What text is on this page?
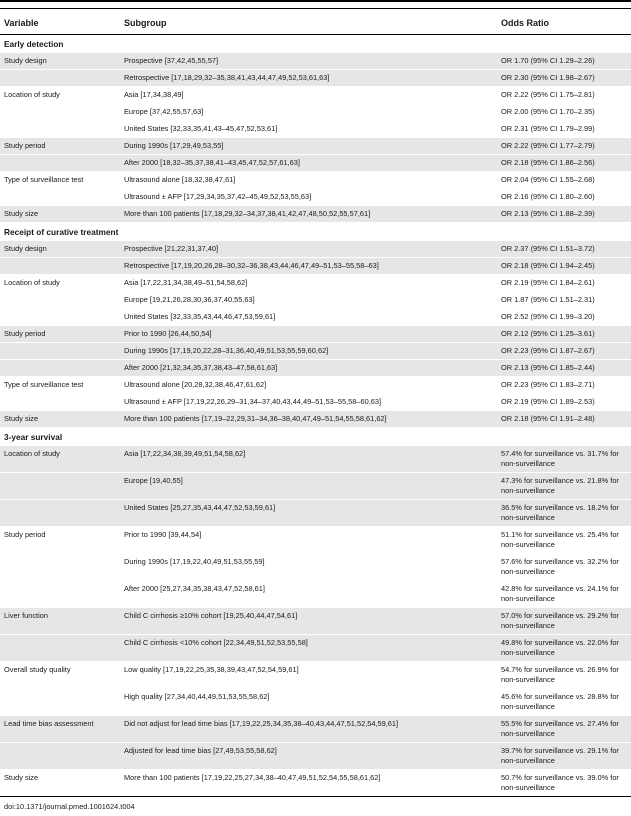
Variable	Subgroup	Odds Ratio
Early detection		
Study design	Prospective [37,42,45,55,57]	OR 1.70 (95% CI 1.29–2.26)
	Retrospective [17,18,29,32–35,38,41,43,44,47,49,52,53,61,63]	OR 2.30 (95% CI 1.98–2.67)
Location of study	Asia [17,34,38,49]	OR 2.22 (95% CI 1.75–2.81)
	Europe [37,42,55,57,63]	OR 2.00 (95% CI 1.70–2.35)
	United States [32,33,35,41,43–45,47,52,53,61]	OR 2.31 (95% CI 1.79–2.99)
Study period	During 1990s [17,29,49,53,55]	OR 2.22 (95% CI 1.77–2.79)
	After 2000 [18,32–35,37,38,41–43,45,47,52,57,61,63]	OR 2.18 (95% CI 1.86–2.56)
Type of surveillance test	Ultrasound alone [18,32,38,47,61]	OR 2.04 (95% CI 1.55–2.68)
	Ultrasound ± AFP [17,29,34,35,37,42–45,49,52,53,55,63]	OR 2.16 (95% CI 1.80–2.60)
Study size	More than 100 patients [17,18,29,32–34,37,38,41,42,47,48,50,52,55,57,61]	OR 2.13 (95% CI 1.88–2.39)
Receipt of curative treatment		
Study design	Prospective [21,22,31,37,40]	OR 2.37 (95% CI 1.51–3.72)
	Retrospective [17,19,20,26,28–30,32–36,38,43,44,46,47,49–51,53–55,58–63]	OR 2.18 (95% CI 1.94–2.45)
Location of study	Asia [17,22,31,34,38,49–51,54,58,62]	OR 2.19 (95% CI 1.84–2.61)
	Europe [19,21,26,28,30,36,37,40,55,63]	OR 1.87 (95% CI 1.51–2.31)
	United States [32,33,35,43,44,46,47,53,59,61]	OR 2.52 (95% CI 1.99–3.20)
Study period	Prior to 1990 [26,44,50,54]	OR 2.12 (95% CI 1.25–3.61)
	During 1990s [17,19,20,22,28–31,36,40,49,51,53,55,59,60,62]	OR 2.23 (95% CI 1.87–2.67)
	After 2000 [21,32,34,35,37,38,43–47,58,61,63]	OR 2.13 (95% CI 1.85–2.44)
Type of surveillance test	Ultrasound alone [20,28,32,38,46,47,61,62]	OR 2.23 (95% CI 1.83–2.71)
	Ultrasound ± AFP [17,19,22,26,29–31,34–37,40,43,44,49–51,53–55,58–60,63]	OR 2.19 (95% CI 1.89–2.53)
Study size	More than 100 patients [17,19–22,29,31–34,36–38,40,47,49–51,54,55,58,61,62]	OR 2.18 (95% CI 1.91–2.48)
3-year survival		
Location of study	Asia [17,22,34,38,39,49,51,54,58,62]	57.4% for surveillance vs. 31.7% for non-surveillance
	Europe [19,40,55]	47.3% for surveillance vs. 21.8% for non-surveillance
	United States [25,27,35,43,44,47,52,53,59,61]	36.5% for surveillance vs. 18.2% for non-surveillance
Study period	Prior to 1990 [39,44,54]	51.1% for surveillance vs. 25.4% for non-surveillance
	During 1990s [17,19,22,40,49,51,53,55,59]	57.6% for surveillance vs. 32.2% for non-surveillance
	After 2000 [25,27,34,35,38,43,47,52,58,61]	42.8% for surveillance vs. 24.1% for non-surveillance
Liver function	Child C cirrhosis ≥10% cohort [19,25,40,44,47,54,61]	57.0% for surveillance vs. 29.2% for non-surveillance
	Child C cirrhosis <10% cohort [22,34,49,51,52,53,55,58]	49.8% for surveillance vs. 22.0% for non-surveillance
Overall study quality	Low quality [17,19,22,25,35,38,39,43,47,52,54,59,61]	54.7% for surveillance vs. 26.9% for non-surveillance
	High quality [27,34,40,44,49,51,53,55,58,62]	45.6% for surveillance vs. 28.8% for non-surveillance
Lead time bias assessment	Did not adjust for lead time bias [17,19,22,25,34,35,38–40,43,44,47,51,52,54,59,61]	55.5% for surveillance vs. 27.4% for non-surveillance
	Adjusted for lead time bias [27,49,53,55,58,62]	39.7% for surveillance vs. 29.1% for non-surveillance
Study size	More than 100 patients [17,19,22,25,27,34,38–40,47,49,51,52,54,55,58,61,62]	50.7% for surveillance vs. 39.0% for non-surveillance
doi:10.1371/journal.pmed.1001624.t004
